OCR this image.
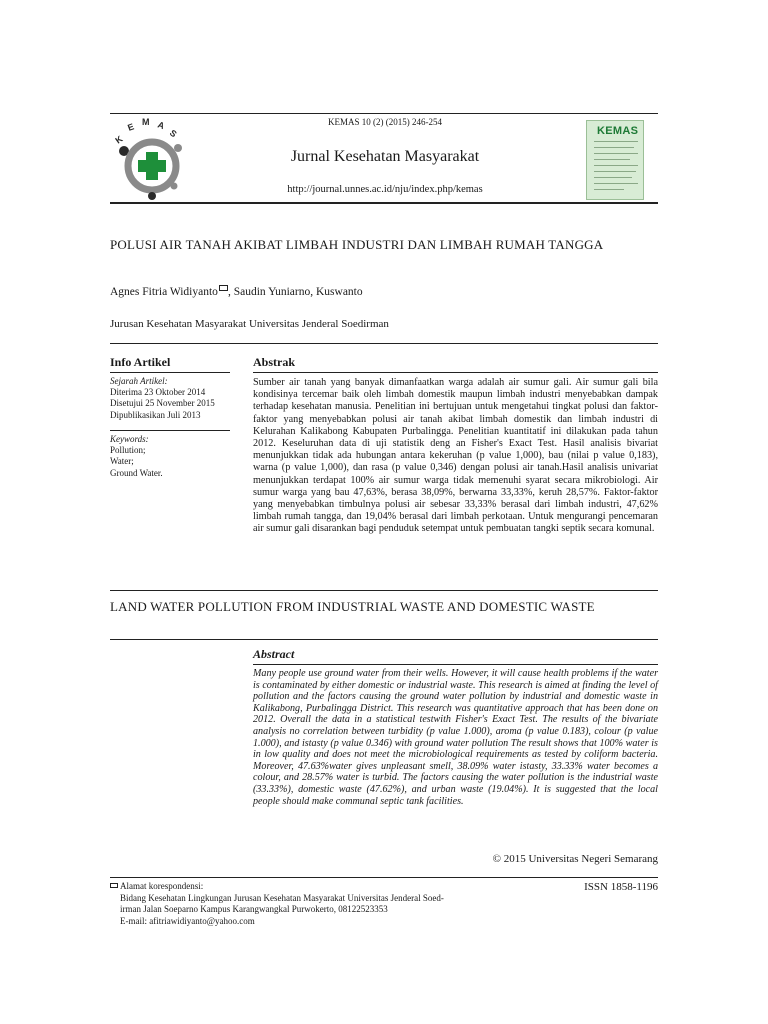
K
E M A
S
KEMAS 10 (2) (2015) 246-254
Jurnal Kesehatan Masyarakat
http://journal.unnes.ac.id/nju/index.php/kemas
KEMAS
POLUSI AIR TANAH AKIBAT LIMBAH INDUSTRI DAN LIMBAH RUMAH TANGGA
Agnes Fitria Widiyanto , Saudin Yuniarno, Kuswanto
Jurusan Kesehatan Masyarakat Universitas Jenderal Soedirman
Info Artikel
Sejarah Artikel:
Diterima 23 Oktober 2014
Disetujui 25 November 2015
Dipublikasikan Juli 2013
Keywords:
Pollution;
Water;
Ground Water.
Abstrak
Sumber air tanah yang banyak dimanfaatkan warga adalah air sumur gali. Air sumur gali bila kondisinya tercemar baik oleh limbah domestik maupun limbah industri menyebabkan dampak terhadap kesehatan manusia. Penelitian ini bertujuan untuk mengetahui tingkat polusi dan faktor-faktor yang menyebabkan polusi air tanah akibat limbah domestik dan limbah industri di Kelurahan Kalikabong Kabupaten Purbalingga. Penelitian kuantitatif ini dilakukan pada tahun 2012. Keseluruhan data di uji statistik deng an Fisher's Exact Test. Hasil analisis bivariat menunjukkan tidak ada hubungan antara kekeruhan (p value 1,000), bau (nilai p value 0,183), warna (p value 1,000), dan rasa (p value 0,346) dengan polusi air tanah.Hasil analisis univariat menunjukkan terdapat 100% air sumur warga tidak memenuhi syarat secara mikrobiologi. Air sumur warga yang bau 47,63%, berasa 38,09%, berwarna 33,33%, keruh 28,57%. Faktor-faktor yang menyebabkan timbulnya polusi air sebesar 33,33% berasal dari limbah industri, 47,62% limbah rumah tangga, dan 19,04% berasal dari limbah perkotaan. Untuk mengurangi pencemaran air sumur gali disarankan bagi penduduk setempat untuk pembuatan tangki septik secara komunal.
LAND WATER POLLUTION FROM INDUSTRIAL WASTE AND DOMESTIC WASTE
Abstract
Many people use ground water from their wells. However, it will cause health problems if the water is contaminated by either domestic or industrial waste. This research is aimed at finding the level of pollution and the factors causing the ground water pollution by industrial and domestic waste in Kalikabong, Purbalingga District. This research was quantitative approach that has been done on 2012. Overall the data in a statistical testwith Fisher's Exact Test. The results of the bivariate analysis no correlation between turbidity (p value 1.000), aroma (p value 0.183), colour (p value 1.000), and istasty (p value 0.346) with ground water pollution The result shows that 100% water is in low quality and does not meet the microbiological requirements as tested by coliform bacteria. Moreover, 47.63%water gives unpleasant smell, 38.09% water istasty, 33.33% water becomes a colour, and 28.57% water is turbid. The factors causing the water pollution is the industrial waste (33.33%), domestic waste (47.62%), and urban waste (19.04%). It is suggested that the local people should make communal septic tank facilities.
© 2015 Universitas Negeri Semarang
Alamat korespondensi:
Bidang Kesehatan Lingkungan Jurusan Kesehatan Masyarakat Universitas Jenderal Soed-
irman Jalan Soeparno Kampus Karangwangkal Purwokerto, 08122523353
E-mail: afitriawidiyanto@yahoo.com
ISSN 1858-1196
